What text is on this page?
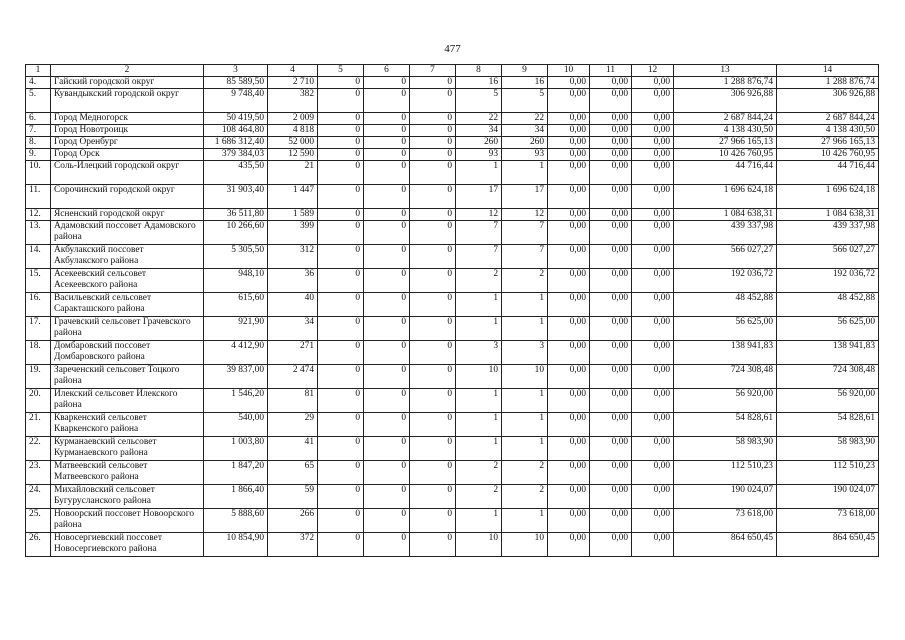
477
1	2	3	4	5	6	7	8	9	10	11	12	13	14
4.	Гайский городской округ	85 589,50	2 710	0	0	0	16	16	0,00	0,00	0,00	1 288 876,74	1 288 876,74
5.	Кувандыкский городской округ	9 748,40	382	0	0	0	5	5	0,00	0,00	0,00	306 926,88	306 926,88
6.	Город Медногорск	50 419,50	2 009	0	0	0	22	22	0,00	0,00	0,00	2 687 844,24	2 687 844,24
7.	Город Новотроицк	108 464,80	4 818	0	0	0	34	34	0,00	0,00	0,00	4 138 430,50	4 138 430,50
8.	Город Оренбург	1 686 312,40	52 000	0	0	0	260	260	0,00	0,00	0,00	27 966 165,13	27 966 165,13
9.	Город Орск	379 384,03	12 590	0	0	0	93	93	0,00	0,00	0,00	10 426 760,95	10 426 760,95
10.	Соль-Илецкий городской округ	435,50	21	0	0	0	1	1	0,00	0,00	0,00	44 716,44	44 716,44
11.	Сорочинский городской округ	31 903,40	1 447	0	0	0	17	17	0,00	0,00	0,00	1 696 624,18	1 696 624,18
12.	Ясненский городской округ	36 511,80	1 589	0	0	0	12	12	0,00	0,00	0,00	1 084 638,31	1 084 638,31
13.	Адамовский поссовет Адамовского района	10 266,60	399	0	0	0	7	7	0,00	0,00	0,00	439 337,98	439 337,98
14.	Акбулакский поссовет Акбулакского района	5 305,50	312	0	0	0	7	7	0,00	0,00	0,00	566 027,27	566 027,27
15.	Асекеевский сельсовет Асекеевского района	948,10	36	0	0	0	2	2	0,00	0,00	0,00	192 036,72	192 036,72
16.	Васильевский сельсовет Саракташского района	615,60	40	0	0	0	1	1	0,00	0,00	0,00	48 452,88	48 452,88
17.	Грачевский сельсовет Грачевского района	921,90	34	0	0	0	1	1	0,00	0,00	0,00	56 625,00	56 625,00
18.	Домбаровский поссовет Домбаровского района	4 412,90	271	0	0	0	3	3	0,00	0,00	0,00	138 941,83	138 941,83
19.	Зареченский сельсовет Тоцкого района	39 837,00	2 474	0	0	0	10	10	0,00	0,00	0,00	724 308,48	724 308,48
20.	Илекский сельсовет Илекского района	1 546,20	81	0	0	0	1	1	0,00	0,00	0,00	56 920,00	56 920,00
21.	Кваркенский сельсовет Кваркенского района	540,00	29	0	0	0	1	1	0,00	0,00	0,00	54 828,61	54 828,61
22.	Курманаевский сельсовет Курманаевского района	1 003,80	41	0	0	0	1	1	0,00	0,00	0,00	58 983,90	58 983,90
23.	Матвеевский сельсовет Матвеевского района	1 847,20	65	0	0	0	2	2	0,00	0,00	0,00	112 510,23	112 510,23
24.	Михайловский сельсовет Бугурусланского района	1 866,40	59	0	0	0	2	2	0,00	0,00	0,00	190 024,07	190 024,07
25.	Новоорский поссовет Новоорского района	5 888,60	266	0	0	0	1	1	0,00	0,00	0,00	73 618,00	73 618,00
26.	Новосергиевский поссовет Новосергиевского района	10 854,90	372	0	0	0	10	10	0,00	0,00	0,00	864 650,45	864 650,45
